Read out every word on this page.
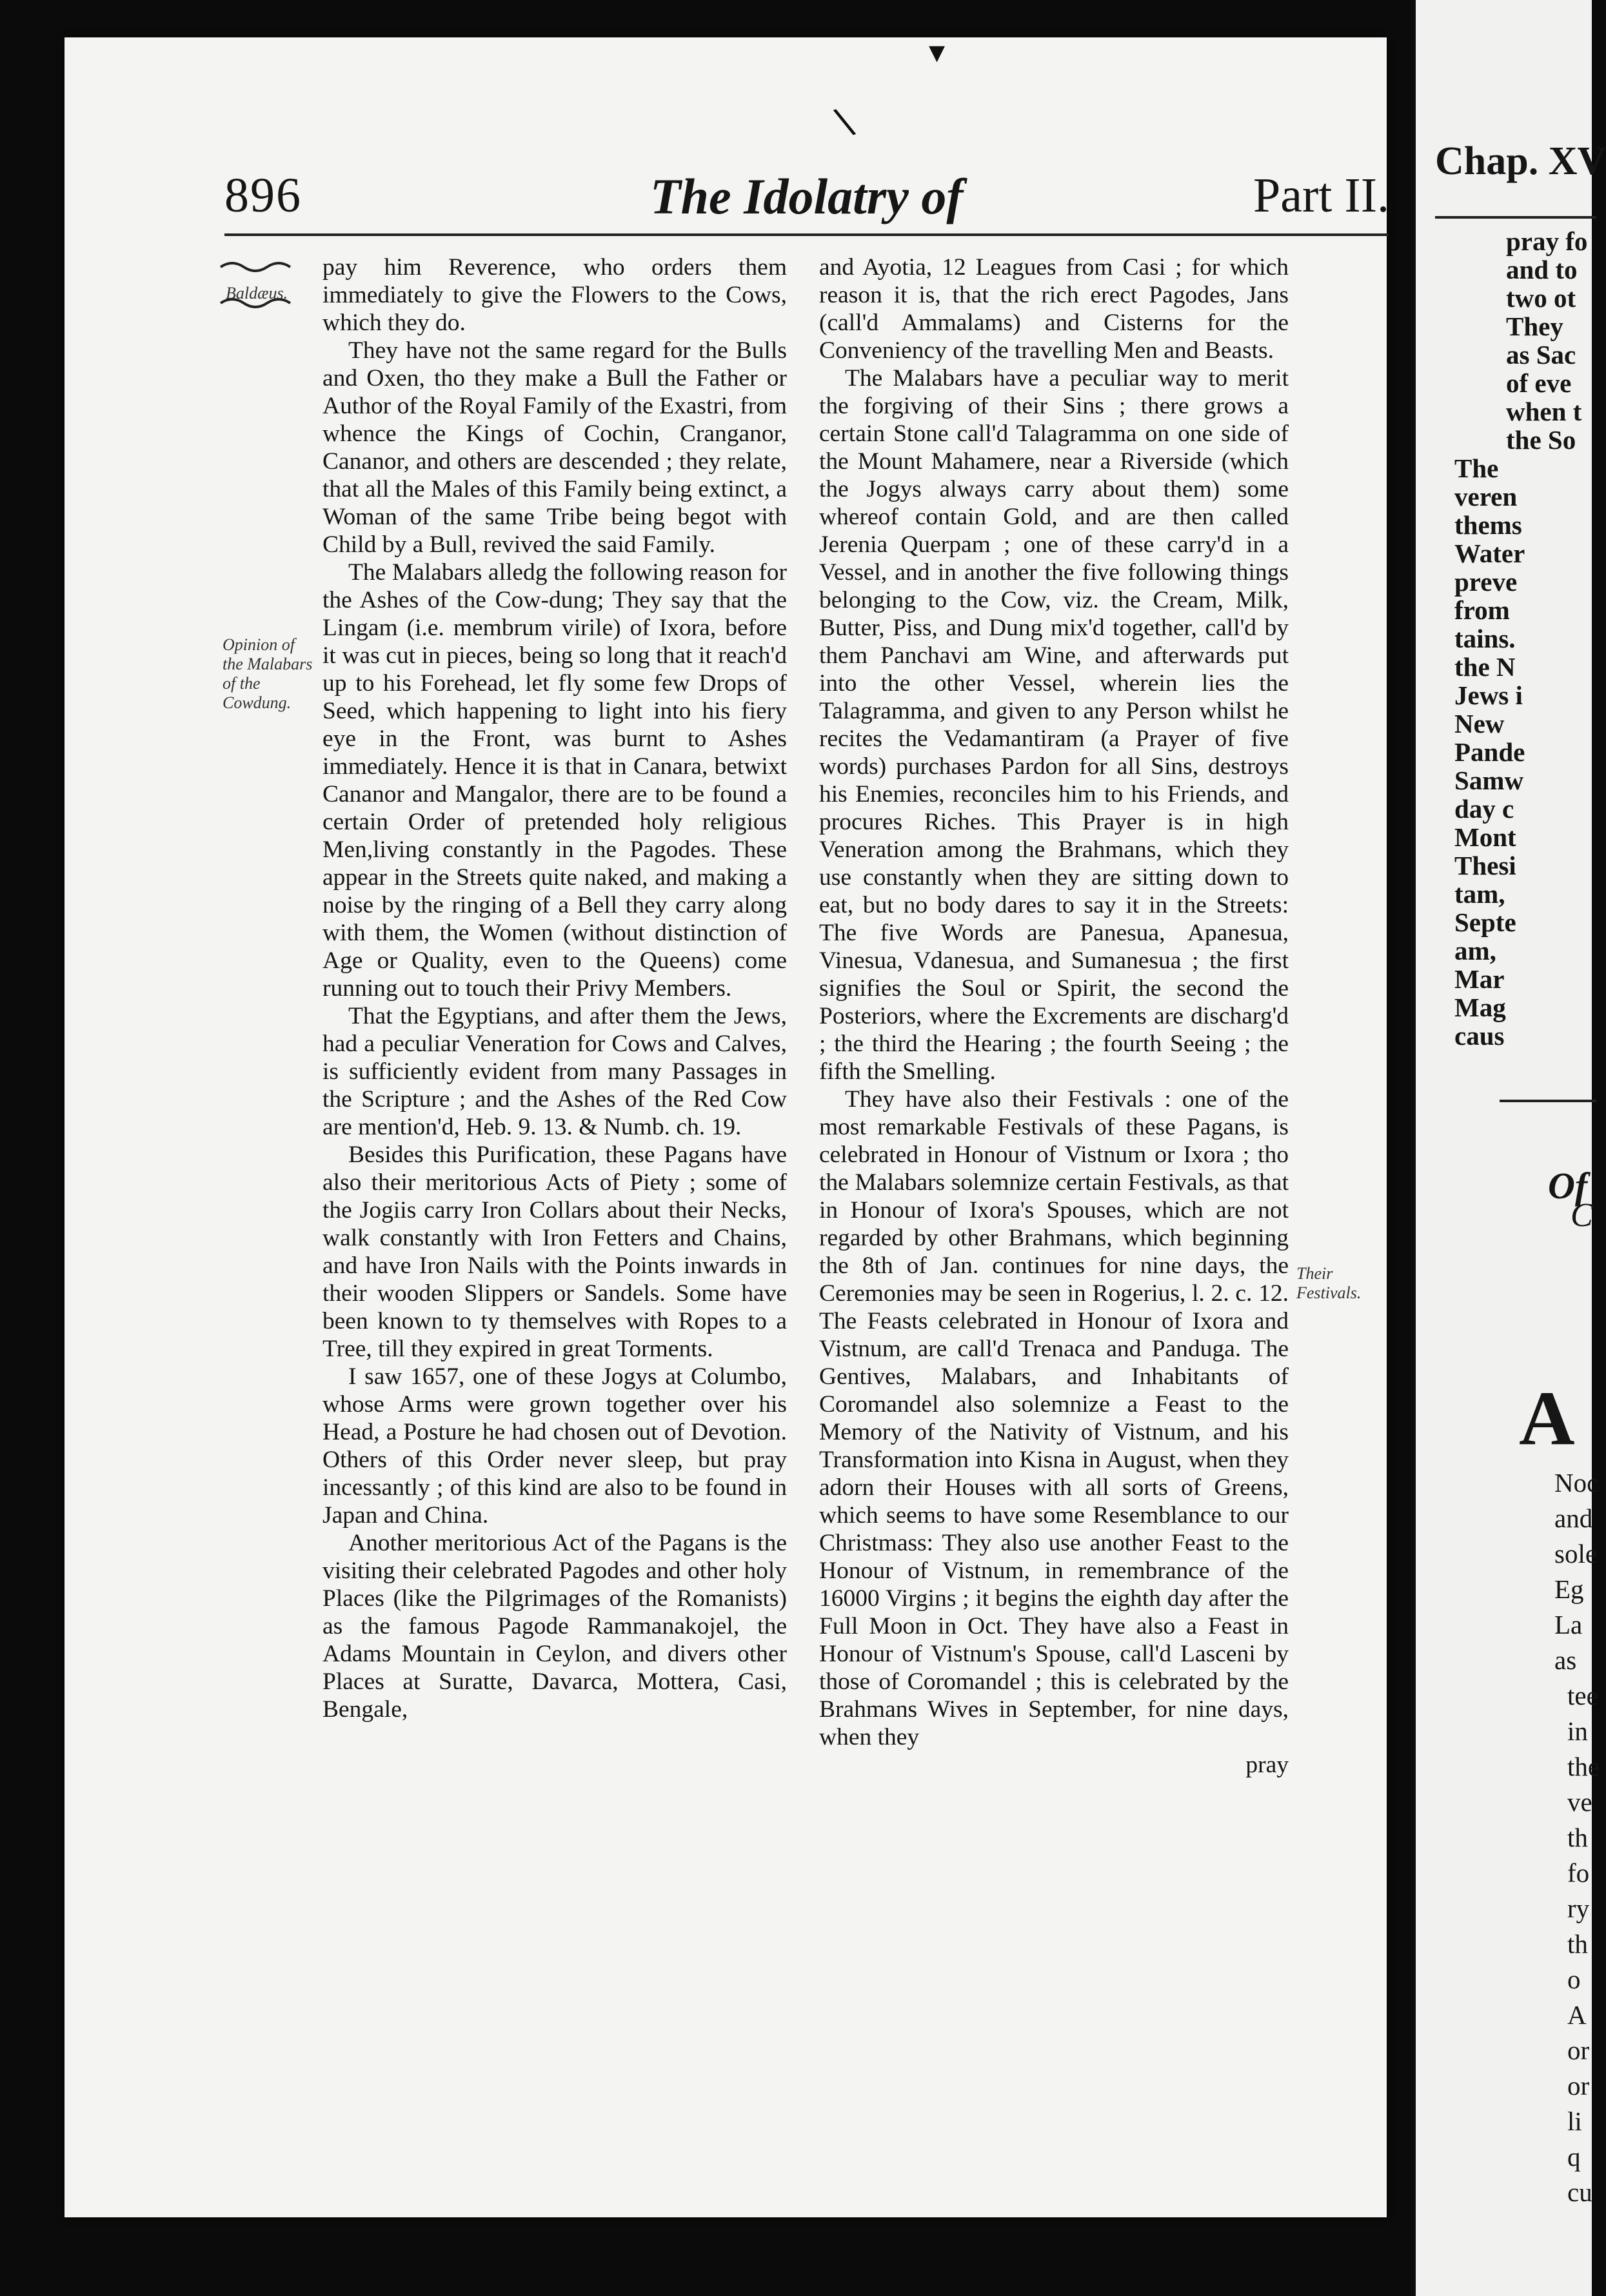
Chap. XV
pray fo
and to
two ot
They
as Sac
of eve
when t
the So
The
veren
thems
Water
preve
from
tains.
the N
Jews i
New
Pande
Samw
day c
Mont
Thesi
tam,
Septe
am,
Mar
Mag
caus
Of
C
A
Noc
and
sole
Eg
La
as
tee
in
the
ve
th
fo
ry
th
o
A
or
or
li
q
cu
▾
\
896	The Idolatry of	Part II.
Baldæus.
Opinion of the Malabars of the Cowdung.
Their Festivals.

pay him Reverence, who orders them immediately to give the Flowers to the Cows, which they do.

They have not the same regard for the Bulls and Oxen, tho they make a Bull the Father or Author of the Royal Family of the Exastri, from whence the Kings of Cochin, Cranganor, Cananor, and others are descended ; they relate, that all the Males of this Family being extinct, a Woman of the same Tribe being begot with Child by a Bull, revived the said Family.

The Malabars alledg the following reason for the Ashes of the Cow-dung; They say that the Lingam (i.e. membrum virile) of Ixora, before it was cut in pieces, being so long that it reach'd up to his Forehead, let fly some few Drops of Seed, which happening to light into his fiery eye in the Front, was burnt to Ashes immediately. Hence it is that in Canara, betwixt Cananor and Mangalor, there are to be found a certain Order of pretended holy religious Men,living constantly in the Pagodes. These appear in the Streets quite naked, and making a noise by the ringing of a Bell they carry along with them, the Women (without distinction of Age or Quality, even to the Queens) come running out to touch their Privy Members.

That the Egyptians, and after them the Jews, had a peculiar Veneration for Cows and Calves, is sufficiently evident from many Passages in the Scripture ; and the Ashes of the Red Cow are mention'd, Heb. 9. 13. & Numb. ch. 19.

Besides this Purification, these Pagans have also their meritorious Acts of Piety ; some of the Jogiis carry Iron Collars about their Necks, walk constantly with Iron Fetters and Chains, and have Iron Nails with the Points inwards in their wooden Slippers or Sandels. Some have been known to ty themselves with Ropes to a Tree, till they expired in great Torments.

I saw 1657, one of these Jogys at Columbo, whose Arms were grown together over his Head, a Posture he had chosen out of Devotion. Others of this Order never sleep, but pray incessantly ; of this kind are also to be found in Japan and China.

Another meritorious Act of the Pagans is the visiting their celebrated Pagodes and other holy Places (like the Pilgrimages of the Romanists) as the famous Pagode Rammanakojel, the Adams Mountain in Ceylon, and divers other Places at Suratte, Davarca, Mottera, Casi, Bengale,

and Ayotia, 12 Leagues from Casi ; for which reason it is, that the rich erect Pagodes, Jans (call'd Ammalams) and Cisterns for the Conveniency of the travelling Men and Beasts.

The Malabars have a peculiar way to merit the forgiving of their Sins ; there grows a certain Stone call'd Talagramma on one side of the Mount Mahamere, near a Riverside (which the Jogys always carry about them) some whereof contain Gold, and are then called Jerenia Querpam ; one of these carry'd in a Vessel, and in another the five following things belonging to the Cow, viz. the Cream, Milk, Butter, Piss, and Dung mix'd together, call'd by them Panchavi am Wine, and afterwards put into the other Vessel, wherein lies the Talagramma, and given to any Person whilst he recites the Vedamantiram (a Prayer of five words) purchases Pardon for all Sins, destroys his Enemies, reconciles him to his Friends, and procures Riches. This Prayer is in high Veneration among the Brahmans, which they use constantly when they are sitting down to eat, but no body dares to say it in the Streets: The five Words are Panesua, Apanesua, Vinesua, Vdanesua, and Sumanesua ; the first signifies the Soul or Spirit, the second the Posteriors, where the Excrements are discharg'd ; the third the Hearing ; the fourth Seeing ; the fifth the Smelling.

They have also their Festivals : one of the most remarkable Festivals of these Pagans, is celebrated in Honour of Vistnum or Ixora ; tho the Malabars solemnize certain Festivals, as that in Honour of Ixora's Spouses, which are not regarded by other Brahmans, which beginning the 8th of Jan. continues for nine days, the Ceremonies may be seen in Rogerius, l. 2. c. 12. The Feasts celebrated in Honour of Ixora and Vistnum, are call'd Trenaca and Panduga. The Gentives, Malabars, and Inhabitants of Coromandel also solemnize a Feast to the Memory of the Nativity of Vistnum, and his Transformation into Kisna in August, when they adorn their Houses with all sorts of Greens, which seems to have some Resemblance to our Christmass: They also use another Feast to the Honour of Vistnum, in remembrance of the 16000 Virgins ; it begins the eighth day after the Full Moon in Oct. They have also a Feast in Honour of Vistnum's Spouse, call'd Lasceni by those of Coromandel ; this is celebrated by the Brahmans Wives in September, for nine days, when they

pray
